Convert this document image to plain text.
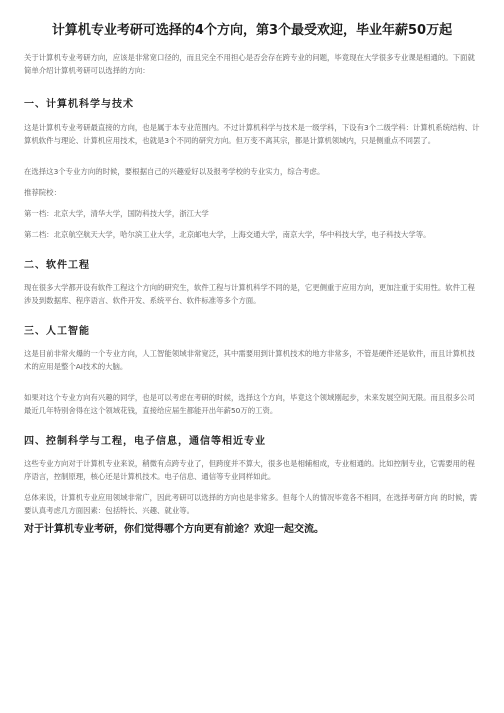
计算机专业考研可选择的4个方向，第3个最受欢迎，毕业年薪50万起

关于计算机专业考研方向，应该是非常宽口径的，而且完全不用担心是否会存在跨专业的问题，毕竟现在大学很多专业课是相通的。下面就简单介绍计算机考研可以选择的方向：

一、计算机科学与技术

这是计算机专业考研最直接的方向，也是属于本专业范围内。不过计算机科学与技术是一级学科，下设有3个二级学科：计算机系统结构、计算机软件与理论、计算机应用技术，也就是3个不同的研究方向。但万变不离其宗，都是计算机领域内，只是侧重点不同罢了。

在选择这3个专业方向的时候，要根据自己的兴趣爱好以及报考学校的专业实力，综合考虑。

推荐院校：

第一档：北京大学，清华大学，国防科技大学，浙江大学

第二档：北京航空航天大学，哈尔滨工业大学，北京邮电大学，上海交通大学，南京大学，华中科技大学，电子科技大学等。

二、软件工程

现在很多大学都开设有软件工程这个方向的研究生，软件工程与计算机科学不同的是，它更侧重于应用方向，更加注重于实用性。软件工程涉及到数据库、程序语言、软件开发、系统平台、软件标准等多个方面。

三、人工智能

这是目前非常火爆的一个专业方向，人工智能领域非常宽泛，其中需要用到计算机技术的地方非常多，不管是硬件还是软件，而且计算机技术的应用是整个AI技术的大脑。

如果对这个专业方向有兴趣的同学，也是可以考虑在考研的时候，选择这个方向，毕竟这个领域刚起步，未来发展空间无限。而且很多公司最近几年特别舍得在这个领域花钱，直接给应届生都能开出年薪50万的工资。

四、控制科学与工程，电子信息，通信等相近专业

这些专业方向对于计算机专业来说，稍微有点跨专业了，但跨度并不算大，很多也是相辅相成，专业相通的。比如控制专业，它需要用的程序语言，控制原理，核心还是计算机技术。电子信息、通信等专业同样如此。

总体来说，计算机专业应用领域非常广，因此考研可以选择的方向也是非常多。但每个人的情况毕竟各不相同，在选择考研方向 的时候，需要认真考虑几方面因素：包括特长、兴趣、就业等。

对于计算机专业考研，你们觉得哪个方向更有前途？欢迎一起交流。
